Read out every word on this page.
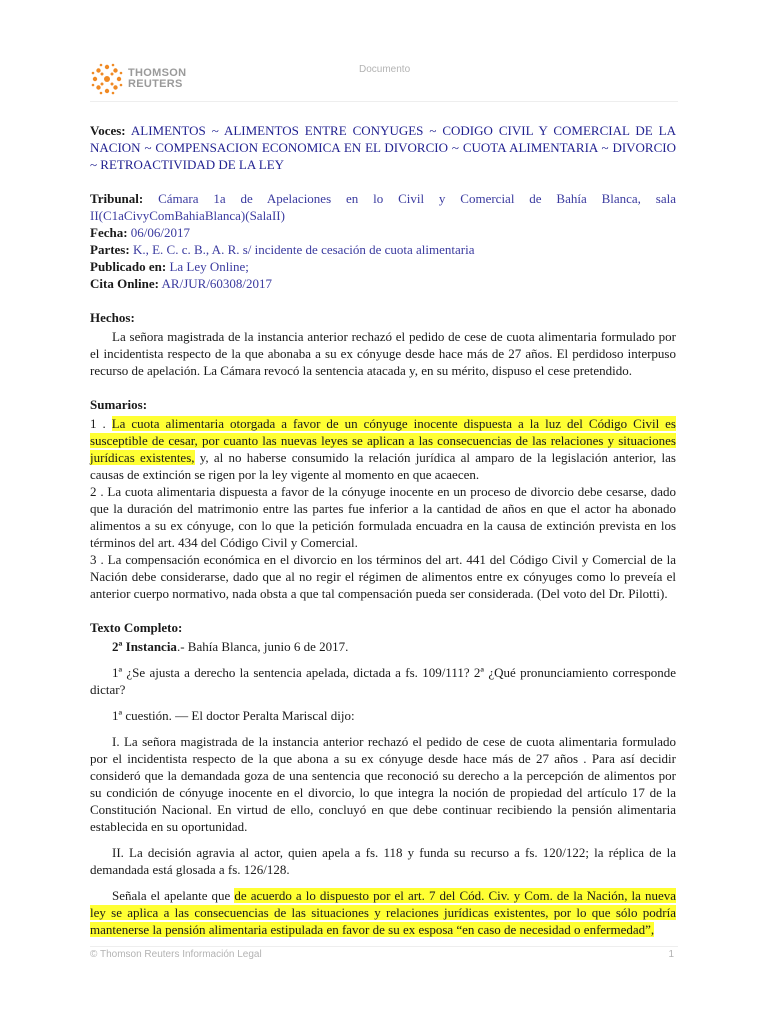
THOMSON
REUTERS
Documento

Voces: ALIMENTOS ~ ALIMENTOS ENTRE CONYUGES ~ CODIGO CIVIL Y COMERCIAL DE LA NACION ~ COMPENSACION ECONOMICA EN EL DIVORCIO ~ CUOTA ALIMENTARIA ~ DIVORCIO ~ RETROACTIVIDAD DE LA LEY

Tribunal: Cámara 1a de Apelaciones en lo Civil y Comercial de Bahía Blanca, sala II(C1aCivyComBahiaBlanca)(SalaII)

Fecha: 06/06/2017

Partes: K., E. C. c. B., A. R. s/ incidente de cesación de cuota alimentaria

Publicado en: La Ley Online;

Cita Online: AR/JUR/60308/2017

Hechos:

La señora magistrada de la instancia anterior rechazó el pedido de cese de cuota alimentaria formulado por el incidentista respecto de la que abonaba a su ex cónyuge desde hace más de 27 años. El perdidoso interpuso recurso de apelación. La Cámara revocó la sentencia atacada y, en su mérito, dispuso el cese pretendido.

Sumarios:

1 . La cuota alimentaria otorgada a favor de un cónyuge inocente dispuesta a la luz del Código Civil es susceptible de cesar, por cuanto las nuevas leyes se aplican a las consecuencias de las relaciones y situaciones jurídicas existentes, y, al no haberse consumido la relación jurídica al amparo de la legislación anterior, las causas de extinción se rigen por la ley vigente al momento en que acaecen.

2 . La cuota alimentaria dispuesta a favor de la cónyuge inocente en un proceso de divorcio debe cesarse, dado que la duración del matrimonio entre las partes fue inferior a la cantidad de años en que el actor ha abonado alimentos a su ex cónyuge, con lo que la petición formulada encuadra en la causa de extinción prevista en los términos del art. 434 del Código Civil y Comercial.

3 . La compensación económica en el divorcio en los términos del art. 441 del Código Civil y Comercial de la Nación debe considerarse, dado que al no regir el régimen de alimentos entre ex cónyuges como lo preveía el anterior cuerpo normativo, nada obsta a que tal compensación pueda ser considerada. (Del voto del Dr. Pilotti).

Texto Completo:

2ª Instancia.- Bahía Blanca, junio 6 de 2017.

1ª ¿Se ajusta a derecho la sentencia apelada, dictada a fs. 109/111? 2ª ¿Qué pronunciamiento corresponde dictar?

1ª cuestión. — El doctor Peralta Mariscal dijo:

I. La señora magistrada de la instancia anterior rechazó el pedido de cese de cuota alimentaria formulado por el incidentista respecto de la que abona a su ex cónyuge desde hace más de 27 años . Para así decidir consideró que la demandada goza de una sentencia que reconoció su derecho a la percepción de alimentos por su condición de cónyuge inocente en el divorcio, lo que integra la noción de propiedad del artículo 17 de la Constitución Nacional. En virtud de ello, concluyó en que debe continuar recibiendo la pensión alimentaria establecida en su oportunidad.

II. La decisión agravia al actor, quien apela a fs. 118 y funda su recurso a fs. 120/122; la réplica de la demandada está glosada a fs. 126/128.

Señala el apelante que de acuerdo a lo dispuesto por el art. 7 del Cód. Civ. y Com. de la Nación, la nueva ley se aplica a las consecuencias de las situaciones y relaciones jurídicas existentes, por lo que sólo podría mantenerse la pensión alimentaria estipulada en favor de su ex esposa “en caso de necesidad o enfermedad”,

© Thomson Reuters Información Legal	1
